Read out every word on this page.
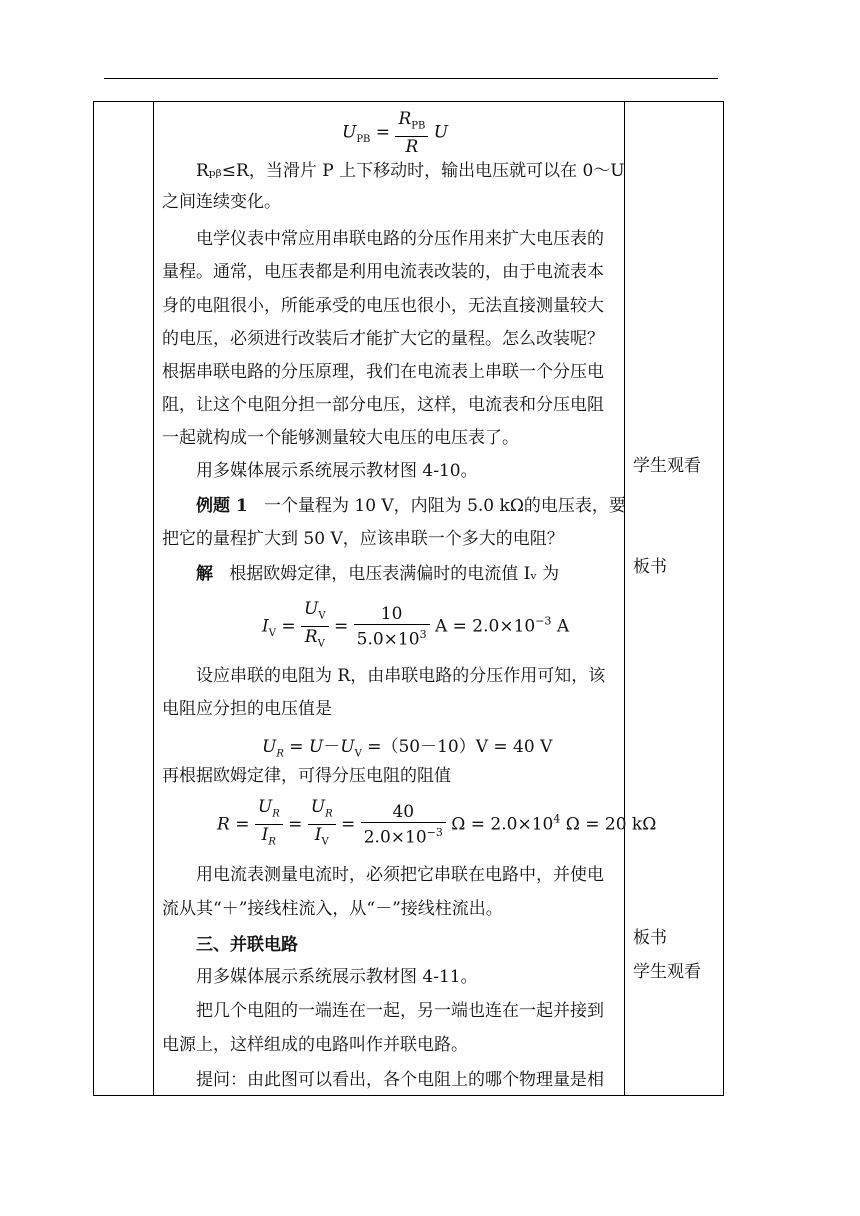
$U_{PB} = \frac{R_{PB}}{R}$ U
Rₚᵦ≤R，当滑片 P 上下移动时，输出电压就可以在 0～U
之间连续变化。
电学仪表中常应用串联电路的分压作用来扩大电压表的
量程。通常，电压表都是利用电流表改装的，由于电流表本
身的电阻很小，所能承受的电压也很小，无法直接测量较大
的电压，必须进行改装后才能扩大它的量程。怎么改装呢？
根据串联电路的分压原理，我们在电流表上串联一个分压电
阻，让这个电阻分担一部分电压，这样，电流表和分压电阻
一起就构成一个能够测量较大电压的电压表了。
用多媒体展示系统展示教材图 4-10。
例题 1 一个量程为 10 V，内阻为 5.0 kΩ的电压表，要
把它的量程扩大到 50 V，应该串联一个多大的电阻？
解 根据欧姆定律，电压表满偏时的电流值 Iᵥ 为
$I_V = \frac{U_V}{R_V} = \frac{10}{5.0\times 10^3}$ $A = 2.0\times 10^{-3}$ A
设应串联的电阻为 R，由串联电路的分压作用可知，该
电阻应分担的电压值是
$U_R = U-U_V =(50-10)V = 40$ V
再根据欧姆定律，可得分压电阻的阻值
$R = \frac{U_R}{I_R} = \frac{U_R}{I_V} = \frac{40}{2.0\times 10^{-3}}$ $\Omega = 2.0\times 10^4$ Ω = 20 kΩ
用电流表测量电流时，必须把它串联在电路中，并使电
流从其“＋”接线柱流入，从“－”接线柱流出。
三、并联电路
用多媒体展示系统展示教材图 4-11。
把几个电阻的一端连在一起，另一端也连在一起并接到
电源上，这样组成的电路叫作并联电路。
提问：由此图可以看出，各个电阻上的哪个物理量是相
学生观看
板书
板书
学生观看
